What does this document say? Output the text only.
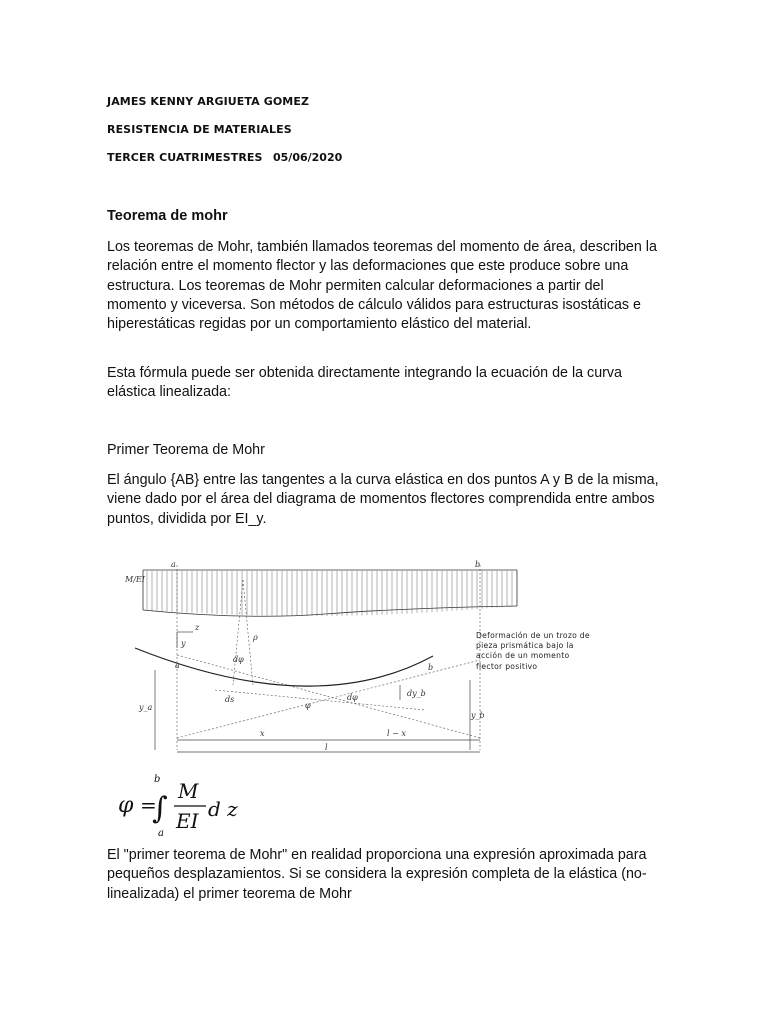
JAMES KENNY ARGIUETA GOMEZ
RESISTENCIA DE MATERIALES
TERCER CUATRIMESTRES 05/06/2020
Teorema de mohr

Los teoremas de Mohr, también llamados teoremas del momento de área, describen la relación entre el momento flector y las deformaciones que este produce sobre una estructura. Los teoremas de Mohr permiten calcular deformaciones a partir del momento y viceversa. Son métodos de cálculo válidos para estructuras isostáticas e hiperestáticas regidas por un comportamiento elástico del material.

Esta fórmula puede ser obtenida directamente integrando la ecuación de la curva elástica linealizada:

Primer Teorema de Mohr

El ángulo {AB} entre las tangentes a la curva elástica en dos puntos A y B de la misma, viene dado por el área del diagrama de momentos flectores comprendida entre ambos puntos, dividida por EI_y.

M/EI
a	b
z
y
ρ
dφ
a	b
y_a
y_b
ds
φ
dφ	dy_b
x	l − x
l
Deformación de un trozo de pieza prismática bajo la acción de un momento flector positivo
φ =
b
∫
a
M
EI d z

El "primer teorema de Mohr" en realidad proporciona una expresión aproximada para pequeños desplazamientos. Si se considera la expresión completa de la elástica (no-linealizada) el primer teorema de Mohr
